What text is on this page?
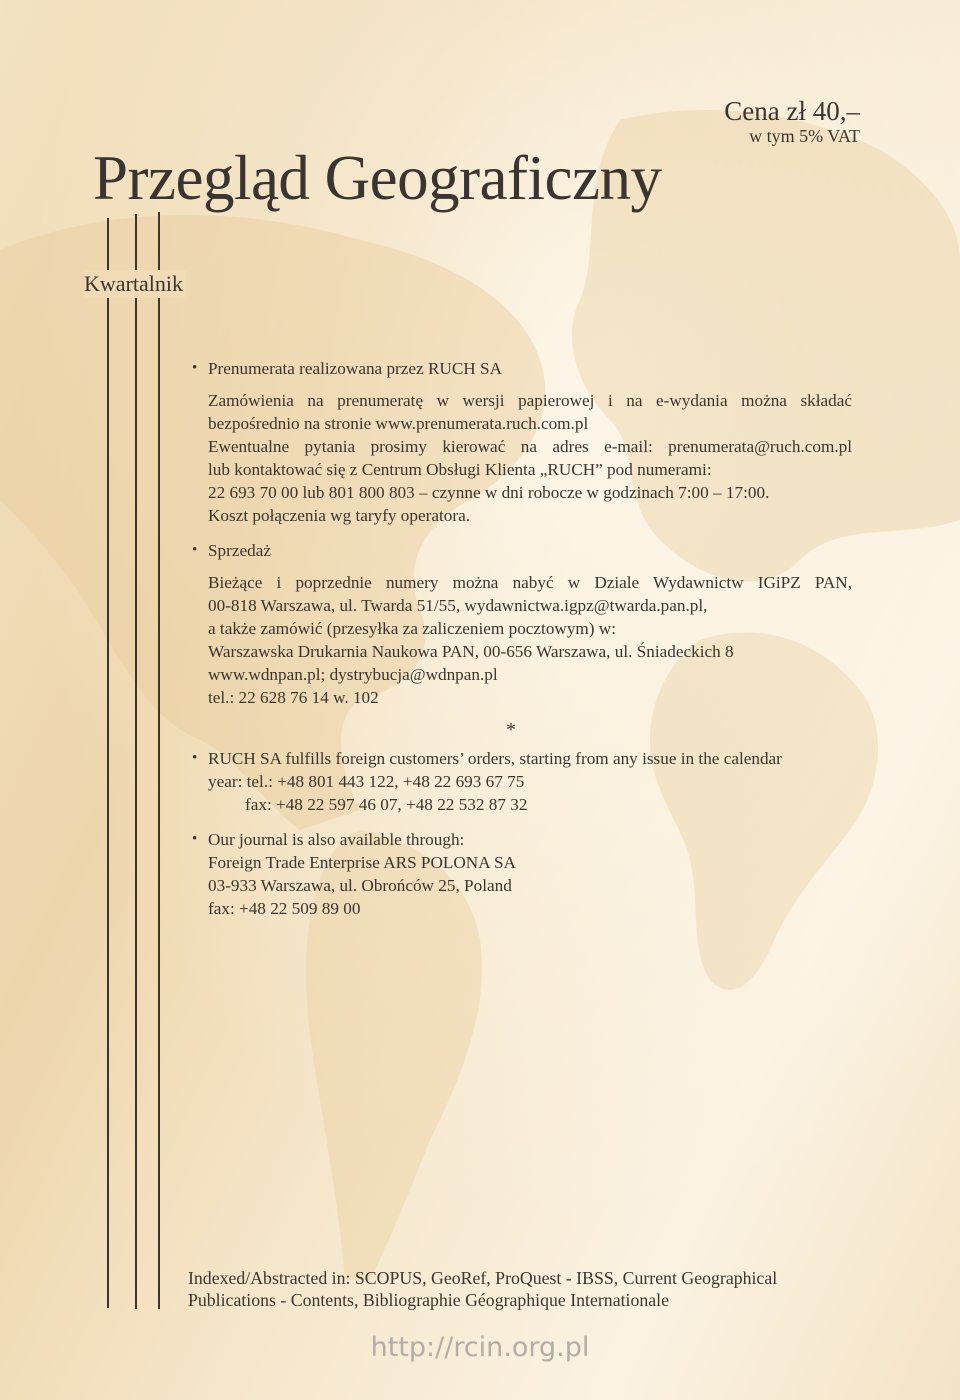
Cena zł 40,–
w tym 5% VAT
Przegląd Geograficzny
Kwartalnik
• Prenumerata realizowana przez RUCH SA
Zamówienia na prenumeratę w wersji papierowej i na e-wydania można składać
bezpośrednio na stronie www.prenumerata.ruch.com.pl
Ewentualne pytania prosimy kierować na adres e-mail: prenumerata@ruch.com.pl
lub kontaktować się z Centrum Obsługi Klienta „RUCH” pod numerami:
22 693 70 00 lub 801 800 803 – czynne w dni robocze w godzinach 7:00 – 17:00.
Koszt połączenia wg taryfy operatora.
• Sprzedaż
Bieżące i poprzednie numery można nabyć w Dziale Wydawnictw IGiPZ PAN,
00-818 Warszawa, ul. Twarda 51/55, wydawnictwa.igpz@twarda.pan.pl,
a także zamówić (przesyłka za zaliczeniem pocztowym) w:
Warszawska Drukarnia Naukowa PAN, 00-656 Warszawa, ul. Śniadeckich 8
www.wdnpan.pl; dystrybucja@wdnpan.pl
tel.: 22 628 76 14 w. 102
*
• RUCH SA fulfills foreign customers’ orders, starting from any issue in the calendar
year: tel.: +48 801 443 122, +48 22 693 67 75
fax: +48 22 597 46 07, +48 22 532 87 32
• Our journal is also available through:
Foreign Trade Enterprise ARS POLONA SA
03-933 Warszawa, ul. Obrońców 25, Poland
fax: +48 22 509 89 00
Indexed/Abstracted in: SCOPUS, GeoRef, ProQuest - IBSS, Current Geographical
Publications - Contents, Bibliographie Géographique Internationale
http://rcin.org.pl
